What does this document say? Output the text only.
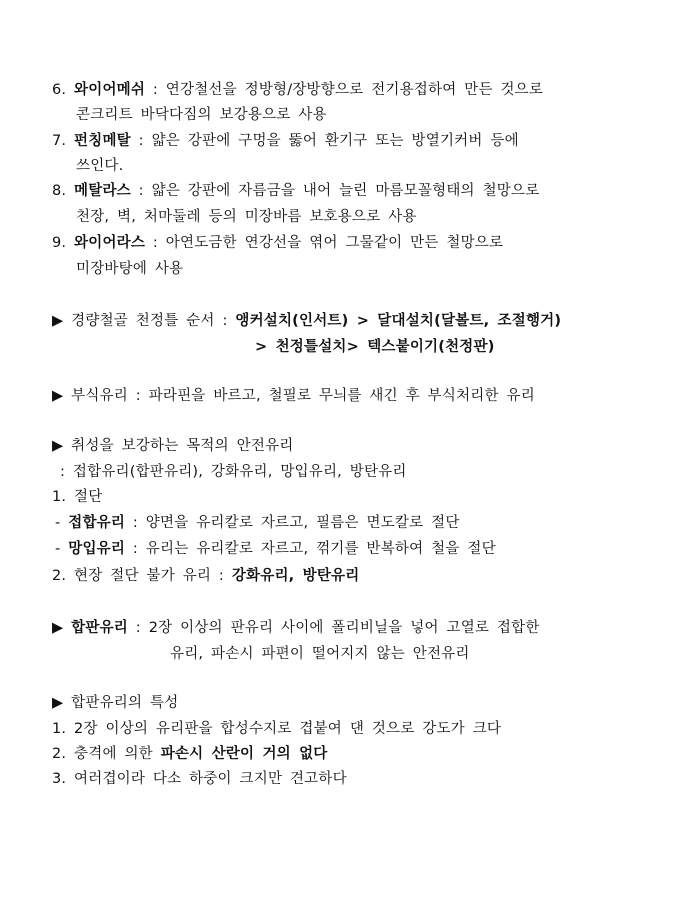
6. 와이어메쉬 : 연강철선을 정방형/장방향으로 전기용접하여 만든 것으로
콘크리트 바닥다짐의 보강용으로 사용
7. 펀칭메탈 : 얇은 강판에 구멍을 뚫어 환기구 또는 방열기커버 등에
쓰인다.
8. 메탈라스 : 얇은 강판에 자름금을 내어 늘린 마름모꼴형태의 철망으로
천장, 벽, 처마둘레 등의 미장바름 보호용으로 사용
9. 와이어라스 : 아연도금한 연강선을 엮어 그물같이 만든 철망으로
미장바탕에 사용
▶ 경량철골 천정틀 순서 : 앵커설치(인서트) > 달대설치(달볼트, 조절행거)
> 천정틀설치> 텍스붙이기(천정판)
▶ 부식유리 : 파라핀을 바르고, 철필로 무늬를 새긴 후 부식처리한 유리
▶ 취성을 보강하는 목적의 안전유리
: 접합유리(합판유리), 강화유리, 망입유리, 방탄유리
1. 절단
- 접합유리 : 양면을 유리칼로 자르고, 필름은 면도칼로 절단
- 망입유리 : 유리는 유리칼로 자르고, 꺾기를 반복하여 철을 절단
2. 현장 절단 불가 유리 : 강화유리, 방탄유리
▶ 합판유리 : 2장 이상의 판유리 사이에 폴리비닐을 넣어 고열로 접합한
유리, 파손시 파편이 떨어지지 않는 안전유리
▶ 합판유리의 특성
1. 2장 이상의 유리판을 합성수지로 겹붙여 댄 것으로 강도가 크다
2. 충격에 의한 파손시 산란이 거의 없다
3. 여러겹이라 다소 하중이 크지만 견고하다
